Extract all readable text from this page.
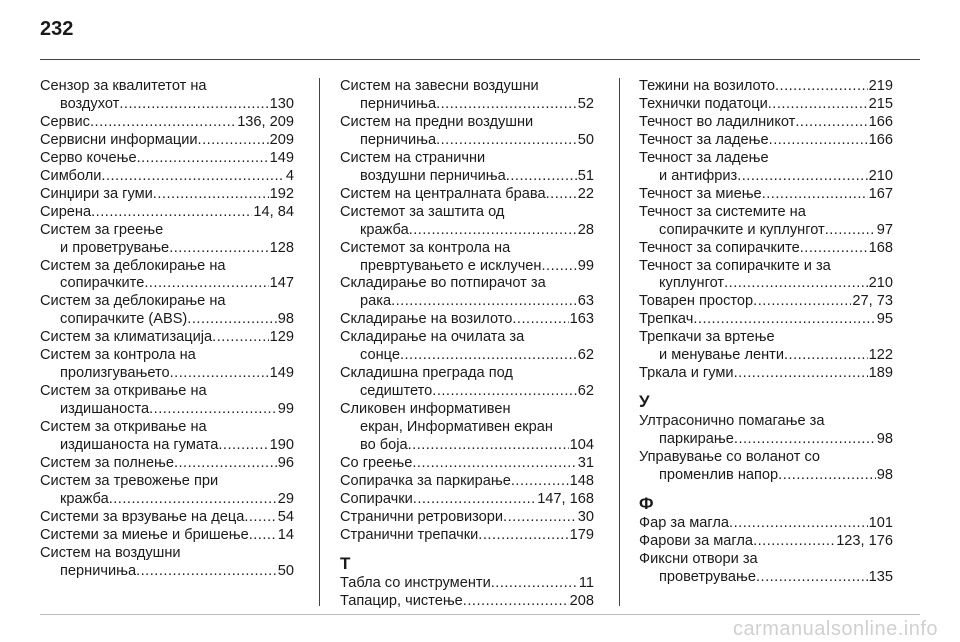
232
Сензор за квалитетот на
воздухот .....	130
Сервис .....	136, 209
Сервисни информации .....	209
Серво кочење .....	149
Симболи .....	4
Синџири за гуми .....	192
Сирена .....	14, 84
Систем за греење
и проветрување .....	128
Систем за деблокирање на
сопирачките .....	147
Систем за деблокирање на
сопирачките (ABS) .....	98
Систем за климатизација .....	129
Систем за контрола на
пролизгувањето .....	149
Систем за откривање на
издишаноста .....	99
Систем за откривање на
издишаноста на гумата .....	190
Систем за полнење .....	96
Систем за тревожење при
кражба .....	29
Системи за врзување на деца ..... 54
Системи за миење и бришење ..... 14
Систем на воздушни
перничиња .....	50
Систем на завесни воздушни
перничиња .....	52
Систем на предни воздушни
перничиња .....	50
Систем на странични
воздушни перничиња .....	51
Систем на централната брава ..... 22
Системот за заштита од
кражба .....	28
Системот за контрола на
превртувањето е исклучен ..... 99
Складирање во потпирачот за
рака .....	63
Складирање на возилото .....	163
Складирање на очилата за
сонце .....	62
Складишна преграда под
седиштето .....	62
Сликовен информативен
екран, Информативен екран
во боја .....	104
Со греење .....	31
Сопирачка за паркирање .....	148
Сопирачки .....	147, 168
Странични ретровизори .....	30
Странични трепачки .....	179
Т
Табла со инструменти .....	11
Тапацир, чистење .....	208
Тежини на возилото .....	219
Технички податоци .....	215
Течност во ладилникот .....	166
Течност за ладење .....	166
Течност за ладење
и антифриз .....	210
Течност за миење .....	167
Течност за системите на
сопирачките и куплунгот .....	97
Течност за сопирачките .....	168
Течност за сопирачките и за
куплунгот .....	210
Товарен простор .....	27, 73
Трепкач .....	95
Трепкачи за вртење
и менување ленти .....	122
Тркала и гуми .....	189
У
Ултрасонично помагање за
паркирање .....	98
Управување со воланот со
променлив напор .....	98
Ф
Фар за магла .....	101
Фарови за магла .....	123, 176
Фиксни отвори за
проветрување .....	135
carmanualsonline.info
